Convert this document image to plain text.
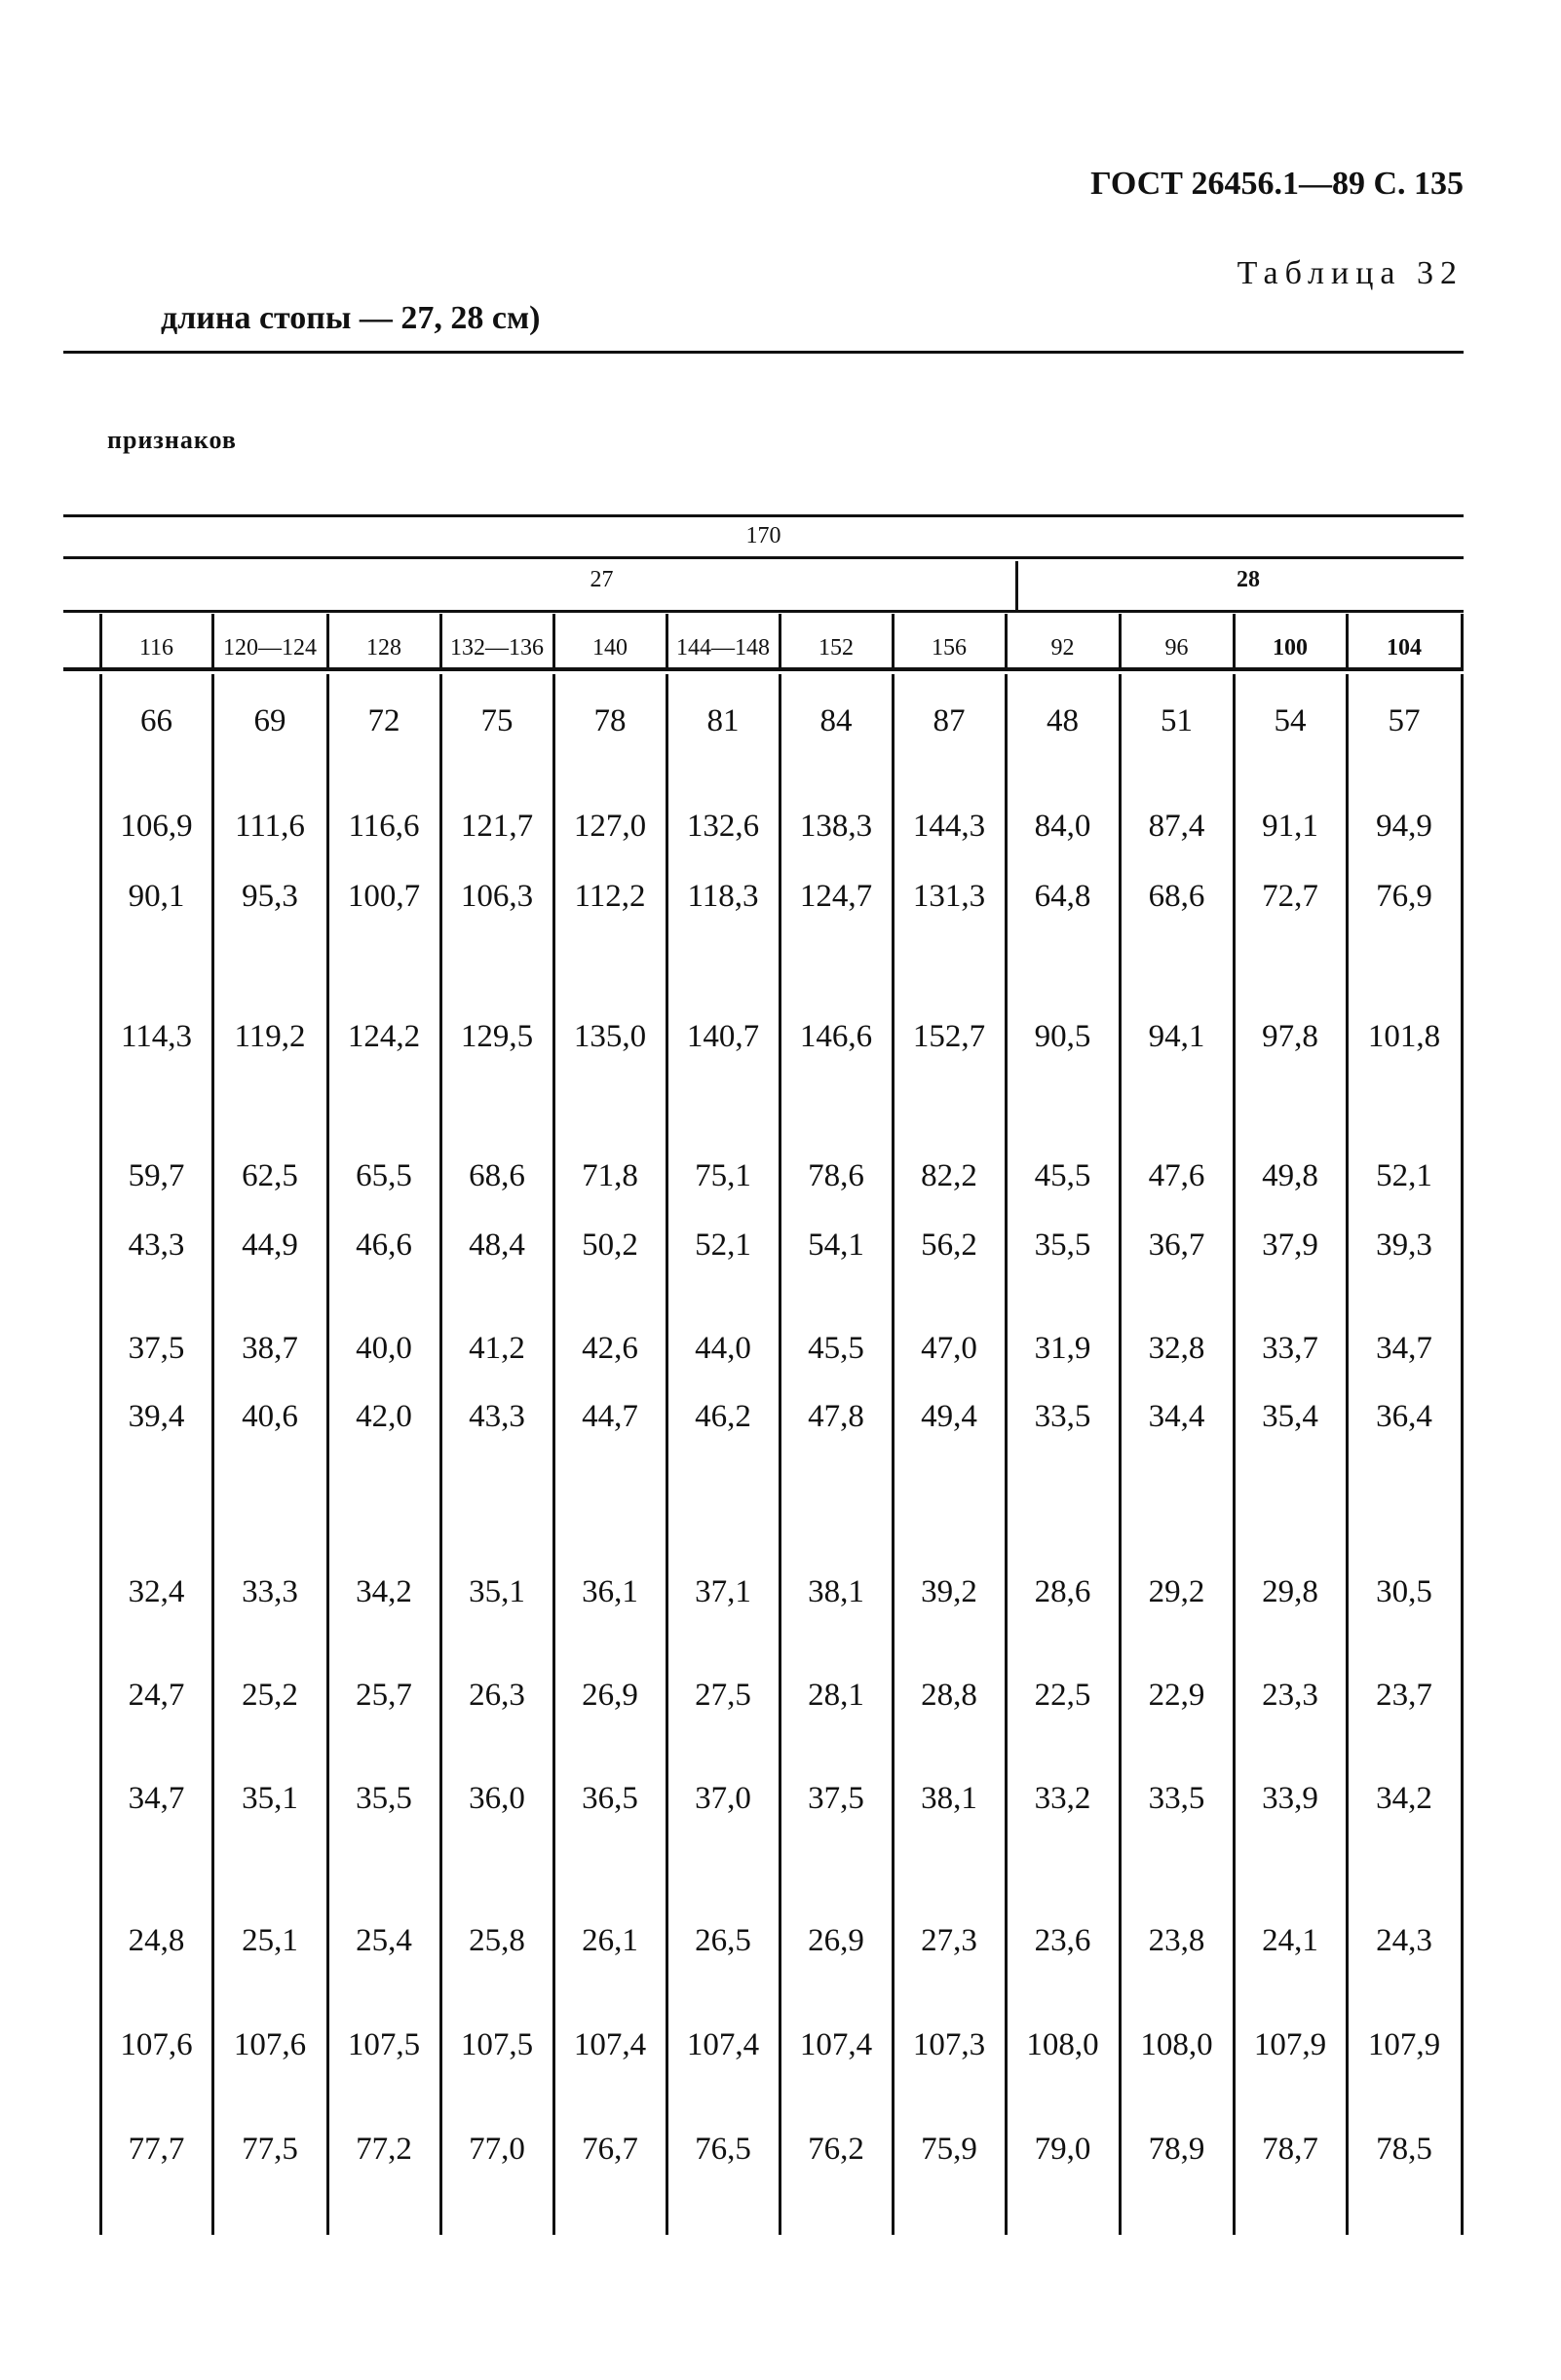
ГОСТ 26456.1—89 С. 135
Таблица 32
длина стопы — 27, 28 см)
признаков
170
27	28
116	120—124	128	132—136	140	144—148	152	156	92	96	100	104
66	69	72	75	78	81	84	87	48	51	54	57
106,9	111,6	116,6	121,7	127,0	132,6	138,3	144,3	84,0	87,4	91,1	94,9
90,1	95,3	100,7	106,3	112,2	118,3	124,7	131,3	64,8	68,6	72,7	76,9
114,3	119,2	124,2	129,5	135,0	140,7	146,6	152,7	90,5	94,1	97,8	101,8
59,7	62,5	65,5	68,6	71,8	75,1	78,6	82,2	45,5	47,6	49,8	52,1
43,3	44,9	46,6	48,4	50,2	52,1	54,1	56,2	35,5	36,7	37,9	39,3
37,5	38,7	40,0	41,2	42,6	44,0	45,5	47,0	31,9	32,8	33,7	34,7
39,4	40,6	42,0	43,3	44,7	46,2	47,8	49,4	33,5	34,4	35,4	36,4
32,4	33,3	34,2	35,1	36,1	37,1	38,1	39,2	28,6	29,2	29,8	30,5
24,7	25,2	25,7	26,3	26,9	27,5	28,1	28,8	22,5	22,9	23,3	23,7
34,7	35,1	35,5	36,0	36,5	37,0	37,5	38,1	33,2	33,5	33,9	34,2
24,8	25,1	25,4	25,8	26,1	26,5	26,9	27,3	23,6	23,8	24,1	24,3
107,6	107,6	107,5	107,5	107,4	107,4	107,4	107,3	108,0	108,0	107,9	107,9
77,7	77,5	77,2	77,0	76,7	76,5	76,2	75,9	79,0	78,9	78,7	78,5
